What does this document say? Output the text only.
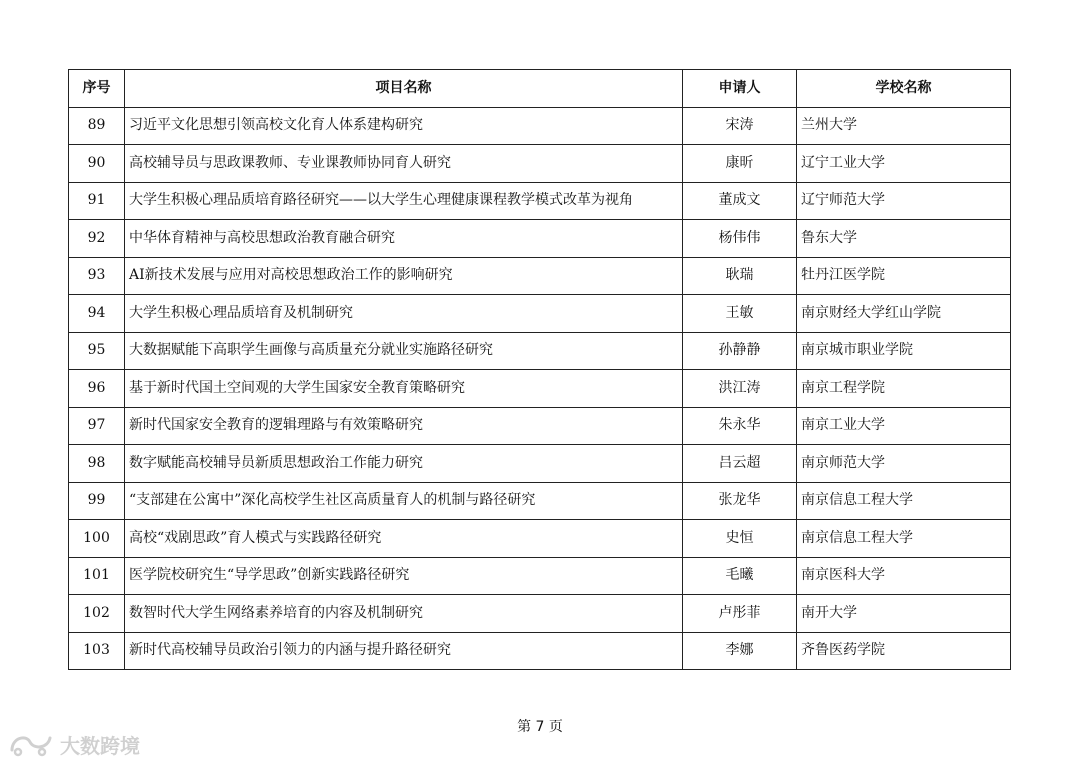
序号	项目名称	申请人	学校名称
89	习近平文化思想引领高校文化育人体系建构研究	宋涛	兰州大学
90	高校辅导员与思政课教师、专业课教师协同育人研究	康昕	辽宁工业大学
91	大学生积极心理品质培育路径研究——以大学生心理健康课程教学模式改革为视角	董成文	辽宁师范大学
92	中华体育精神与高校思想政治教育融合研究	杨伟伟	鲁东大学
93	AI新技术发展与应用对高校思想政治工作的影响研究	耿瑞	牡丹江医学院
94	大学生积极心理品质培育及机制研究	王敏	南京财经大学红山学院
95	大数据赋能下高职学生画像与高质量充分就业实施路径研究	孙静静	南京城市职业学院
96	基于新时代国土空间观的大学生国家安全教育策略研究	洪江涛	南京工程学院
97	新时代国家安全教育的逻辑理路与有效策略研究	朱永华	南京工业大学
98	数字赋能高校辅导员新质思想政治工作能力研究	吕云超	南京师范大学
99	“支部建在公寓中”深化高校学生社区高质量育人的机制与路径研究	张龙华	南京信息工程大学
100	高校“戏剧思政”育人模式与实践路径研究	史恒	南京信息工程大学
101	医学院校研究生“导学思政”创新实践路径研究	毛曦	南京医科大学
102	数智时代大学生网络素养培育的内容及机制研究	卢彤菲	南开大学
103	新时代高校辅导员政治引领力的内涵与提升路径研究	李娜	齐鲁医药学院
第 7 页
大数跨境
